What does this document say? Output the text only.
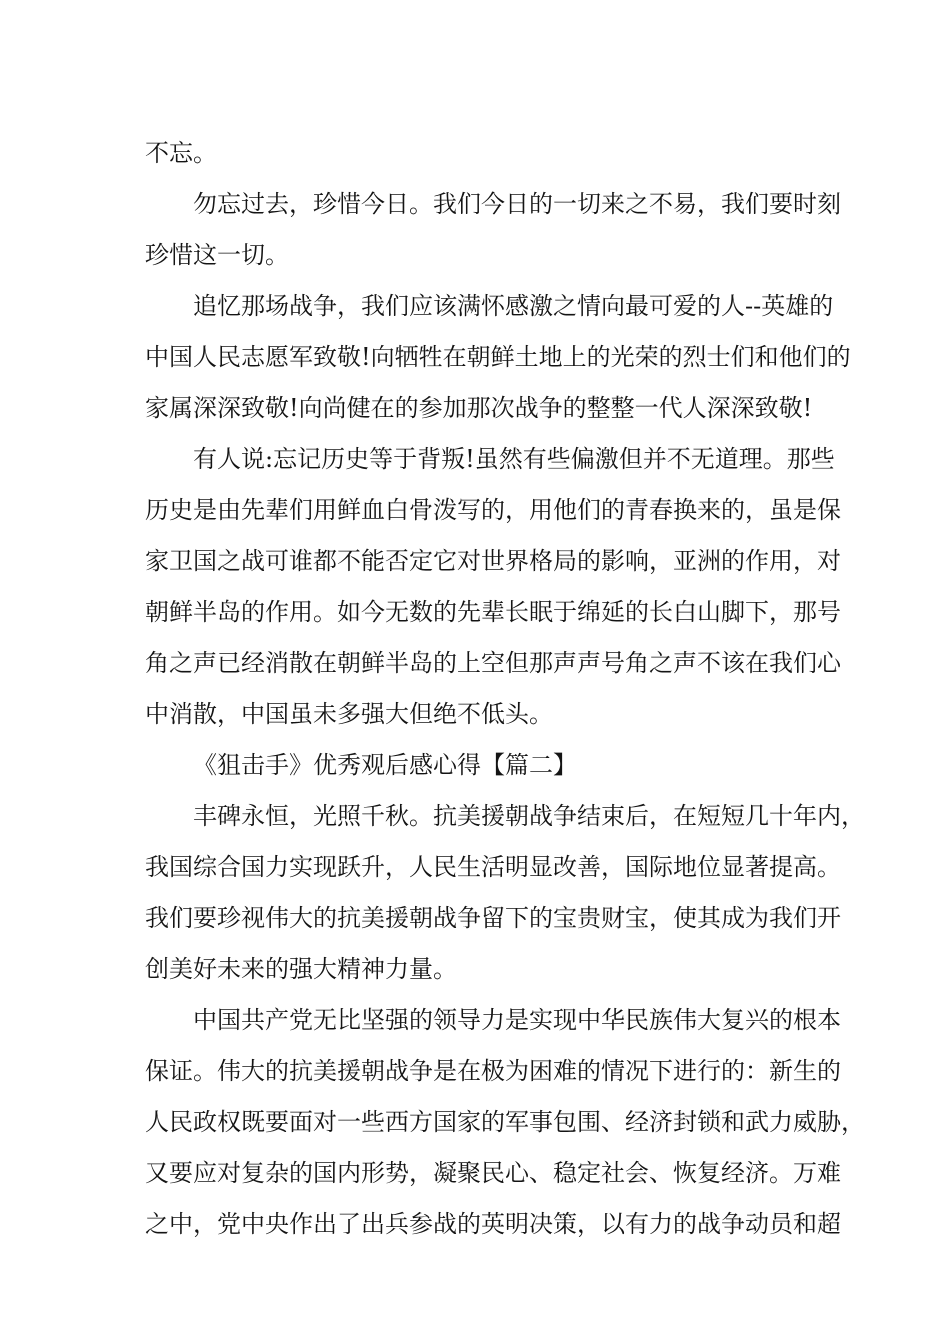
不忘。
勿忘过去，珍惜今日。我们今日的一切来之不易，我们要时刻
珍惜这一切。
追忆那场战争，我们应该满怀感激之情向最可爱的人--英雄的
中国人民志愿军致敬!向牺牲在朝鲜土地上的光荣的烈士们和他们的
家属深深致敬!向尚健在的参加那次战争的整整一代人深深致敬!
有人说:忘记历史等于背叛!虽然有些偏激但并不无道理。那些
历史是由先辈们用鲜血白骨泼写的，用他们的青春换来的，虽是保
家卫国之战可谁都不能否定它对世界格局的影响，亚洲的作用，对
朝鲜半岛的作用。如今无数的先辈长眠于绵延的长白山脚下，那号
角之声已经消散在朝鲜半岛的上空但那声声号角之声不该在我们心
中消散，中国虽未多强大但绝不低头。
《狙击手》优秀观后感心得【篇二】
丰碑永恒，光照千秋。抗美援朝战争结束后，在短短几十年内，
我国综合国力实现跃升，人民生活明显改善，国际地位显著提高。
我们要珍视伟大的抗美援朝战争留下的宝贵财宝，使其成为我们开
创美好未来的强大精神力量。
中国共产党无比坚强的领导力是实现中华民族伟大复兴的根本
保证。伟大的抗美援朝战争是在极为困难的情况下进行的：新生的
人民政权既要面对一些西方国家的军事包围、经济封锁和武力威胁，
又要应对复杂的国内形势，凝聚民心、稳定社会、恢复经济。万难
之中，党中央作出了出兵参战的英明决策，以有力的战争动员和超
